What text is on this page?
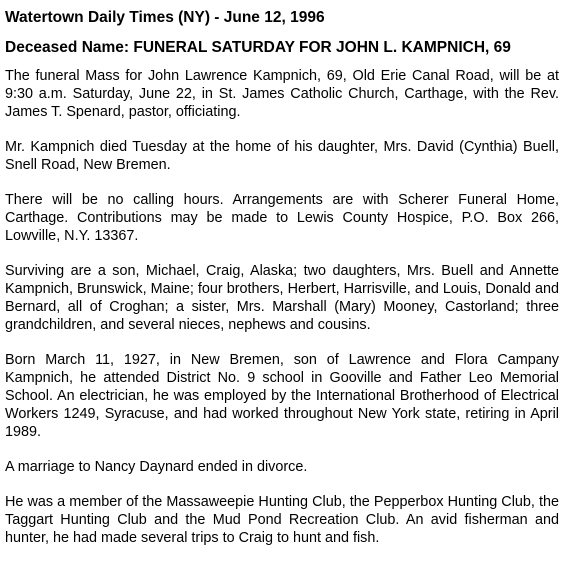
Watertown Daily Times (NY) - June 12, 1996

Deceased Name: FUNERAL SATURDAY FOR JOHN L. KAMPNICH, 69

The funeral Mass for John Lawrence Kampnich, 69, Old Erie Canal Road, will be at 9:30 a.m. Saturday, June 22, in St. James Catholic Church, Carthage, with the Rev. James T. Spenard, pastor, officiating.

Mr. Kampnich died Tuesday at the home of his daughter, Mrs. David (Cynthia) Buell, Snell Road, New Bremen.

There will be no calling hours. Arrangements are with Scherer Funeral Home, Carthage. Contributions may be made to Lewis County Hospice, P.O. Box 266, Lowville, N.Y. 13367.

Surviving are a son, Michael, Craig, Alaska; two daughters, Mrs. Buell and Annette Kampnich, Brunswick, Maine; four brothers, Herbert, Harrisville, and Louis, Donald and Bernard, all of Croghan; a sister, Mrs. Marshall (Mary) Mooney, Castorland; three grandchildren, and several nieces, nephews and cousins.

Born March 11, 1927, in New Bremen, son of Lawrence and Flora Campany Kampnich, he attended District No. 9 school in Gooville and Father Leo Memorial School. An electrician, he was employed by the International Brotherhood of Electrical Workers 1249, Syracuse, and had worked throughout New York state, retiring in April 1989.

A marriage to Nancy Daynard ended in divorce.

He was a member of the Massaweepie Hunting Club, the Pepperbox Hunting Club, the Taggart Hunting Club and the Mud Pond Recreation Club. An avid fisherman and hunter, he had made several trips to Craig to hunt and fish.
